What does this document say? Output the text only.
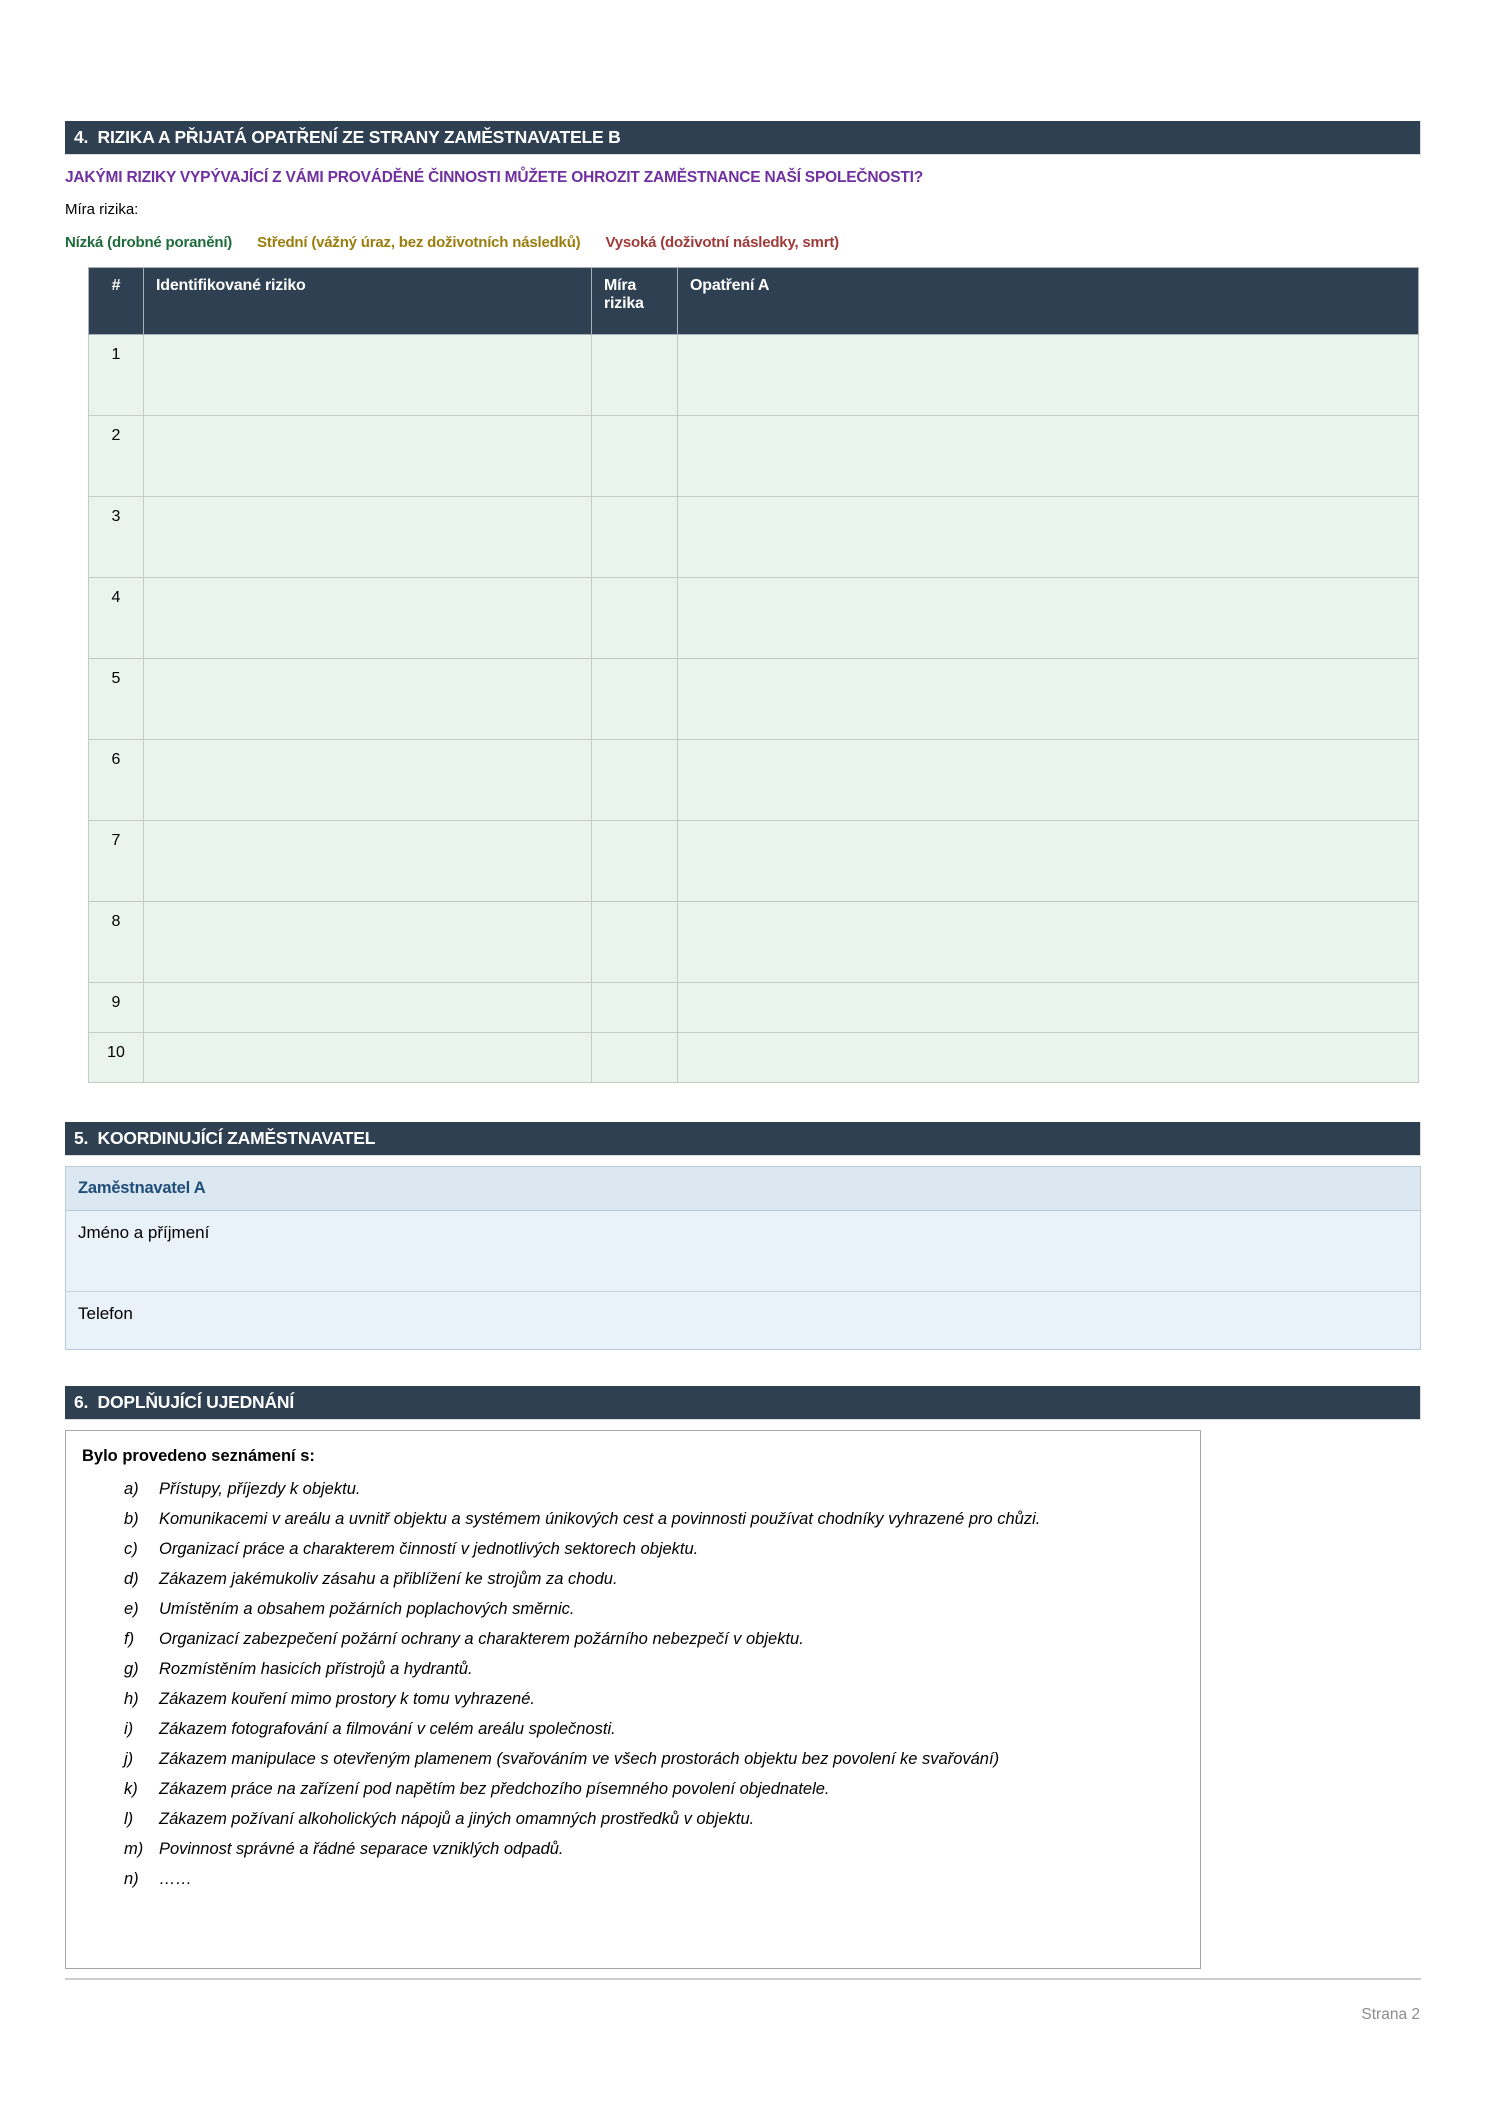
4.  RIZIKA A PŘIJATÁ OPATŘENÍ ZE STRANY ZAMĚSTNAVATELE B
JAKÝMI RIZIKY VYPÝVAJÍCÍ Z VÁMI PROVÁDĚNÉ ČINNOSTI MŮŽETE OHROZIT ZAMĚSTNANCE NAŠÍ SPOLEČNOSTI?
Míra rizika:
Nízká (drobné poranění) Střední (vážný úraz, bez doživotních následků) Vysoká (doživotní následky, smrt)
#	Identifikované riziko	Míra rizika	Opatření A
1			
2			
3			
4			
5			
6			
7			
8			
9			
10			
5.  KOORDINUJÍCÍ ZAMĚSTNAVATEL
Zaměstnavatel A
Jméno a příjmení
Telefon
6.  DOPLŇUJÍCÍ UJEDNÁNÍ
Bylo provedeno seznámení s:
a)	Přístupy, příjezdy k objektu.
b)	Komunikacemi v areálu a uvnitř objektu a systémem únikových cest a povinnosti používat chodníky vyhrazené pro chůzi.
c)	Organizací práce a charakterem činností v jednotlivých sektorech objektu.
d)	Zákazem jakémukoliv zásahu a přiblížení ke strojům za chodu.
e)	Umístěním a obsahem požárních poplachových směrnic.
f)	Organizací zabezpečení požární ochrany a charakterem požárního nebezpečí v objektu.
g)	Rozmístěním hasicích přístrojů a hydrantů.
h)	Zákazem kouření mimo prostory k tomu vyhrazené.
i)	Zákazem fotografování a filmování v celém areálu společnosti.
j)	Zákazem manipulace s otevřeným plamenem (svařováním ve všech prostorách objektu bez povolení ke svařování)
k)	Zákazem práce na zařízení pod napětím bez předchozího písemného povolení objednatele.
l)	Zákazem požívaní alkoholických nápojů a jiných omamných prostředků v objektu.
m) Povinnost správné a řádné separace vzniklých odpadů.
n)	……
Strana 2
